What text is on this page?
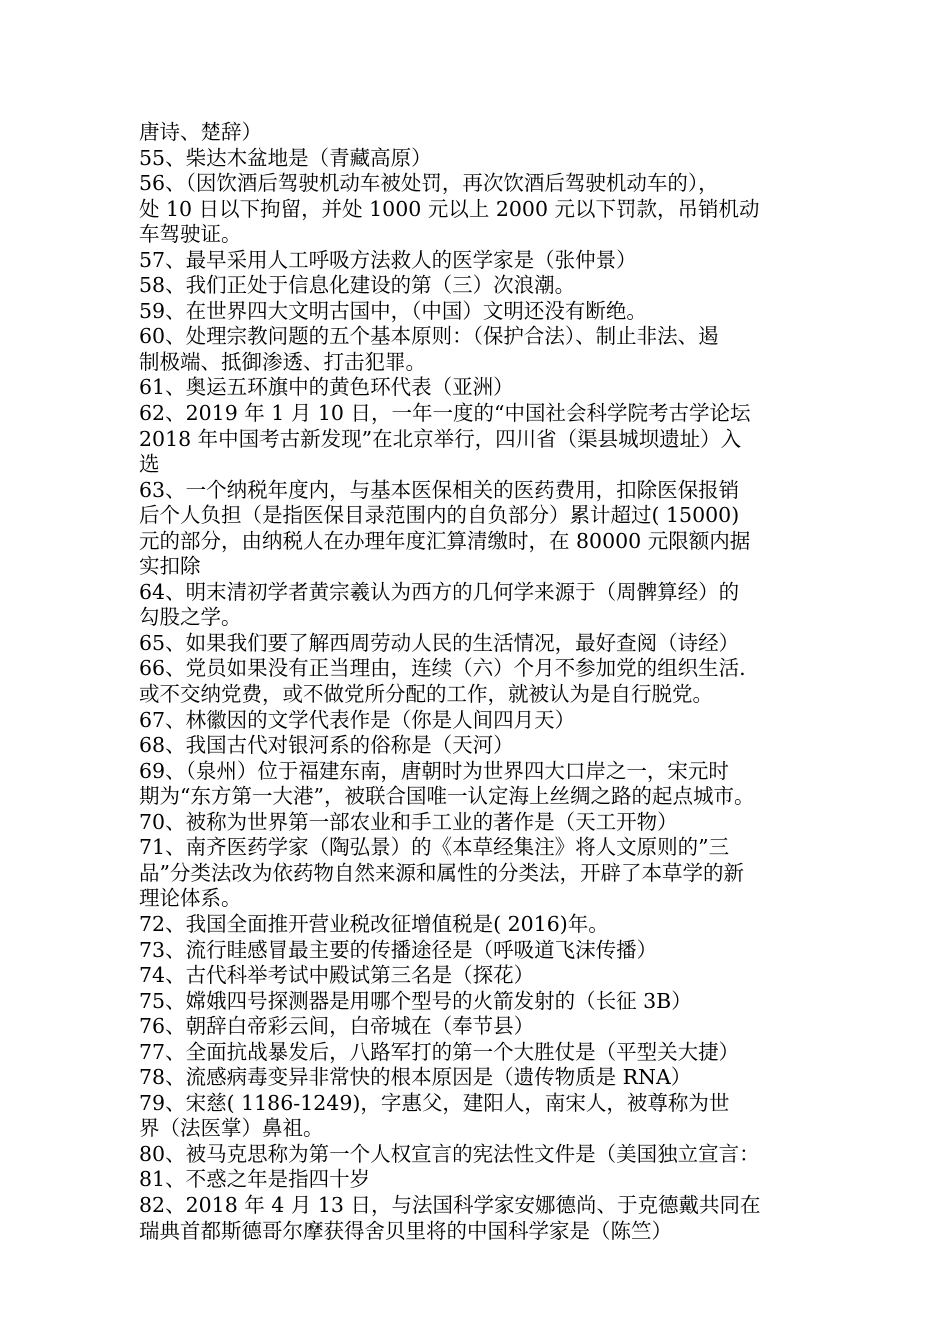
唐诗、楚辞）
55、柴达木盆地是（青藏高原）
56、（因饮酒后驾驶机动车被处罚，再次饮酒后驾驶机动车的），
处 10 日以下拘留，并处 1000 元以上 2000 元以下罚款，吊销机动
车驾驶证。
57、最早采用人工呼吸方法救人的医学家是（张仲景）
58、我们正处于信息化建设的第（三）次浪潮。
59、在世界四大文明古国中，（中国）文明还没有断绝。
60、处理宗教问题的五个基本原则：（保护合法）、制止非法、遏
制极端、抵御渗透、打击犯罪。
61、奥运五环旗中的黄色环代表（亚洲）
62、2019 年 1 月 10 日，一年一度的“中国社会科学院考古学论坛
2018 年中国考古新发现”在北京举行，四川省（渠县城坝遗址）入
选
63、一个纳税年度内，与基本医保相关的医药费用，扣除医保报销
后个人负担（是指医保目录范围内的自负部分）累计超过( 15000)
元的部分，由纳税人在办理年度汇算清缴时，在 80000 元限额内据
实扣除
64、明末清初学者黄宗羲认为西方的几何学来源于（周髀算经）的
勾股之学。
65、如果我们要了解西周劳动人民的生活情况，最好查阅（诗经）
66、党员如果没有正当理由，连续（六）个月不参加党的组织生活.
或不交纳党费，或不做党所分配的工作，就被认为是自行脱党。
67、林徽因的文学代表作是（你是人间四月天）
68、我国古代对银河系的俗称是（天河）
69、（泉州）位于福建东南，唐朝时为世界四大口岸之一，宋元时
期为“东方第一大港”，被联合国唯一认定海上丝绸之路的起点城市。
70、被称为世界第一部农业和手工业的著作是（天工开物）
71、南齐医药学家（陶弘景）的《本草经集注》将人文原则的”三
品”分类法改为依药物自然来源和属性的分类法，开辟了本草学的新
理论体系。
72、我国全面推开营业税改征增值税是( 2016)年。
73、流行眭感冒最主要的传播途径是（呼吸道飞沫传播）
74、古代科举考试中殿试第三名是（探花）
75、嫦娥四号探测器是用哪个型号的火箭发射的（长征 3B）
76、朝辞白帝彩云间，白帝城在（奉节县）
77、全面抗战暴发后，八路军打的第一个大胜仗是（平型关大捷）
78、流感病毒变异非常快的根本原因是（遗传物质是 RNA）
79、宋慈( 1186-1249)，字惠父，建阳人，南宋人，被尊称为世
界（法医掌）鼻祖。
80、被马克思称为第一个人权宣言的宪法性文件是（美国独立宣言：
81、不惑之年是指四十岁
82、2018 年 4 月 13 日，与法国科学家安娜德尚、于克德戴共同在
瑞典首都斯德哥尔摩获得舍贝里将的中国科学家是（陈竺）
